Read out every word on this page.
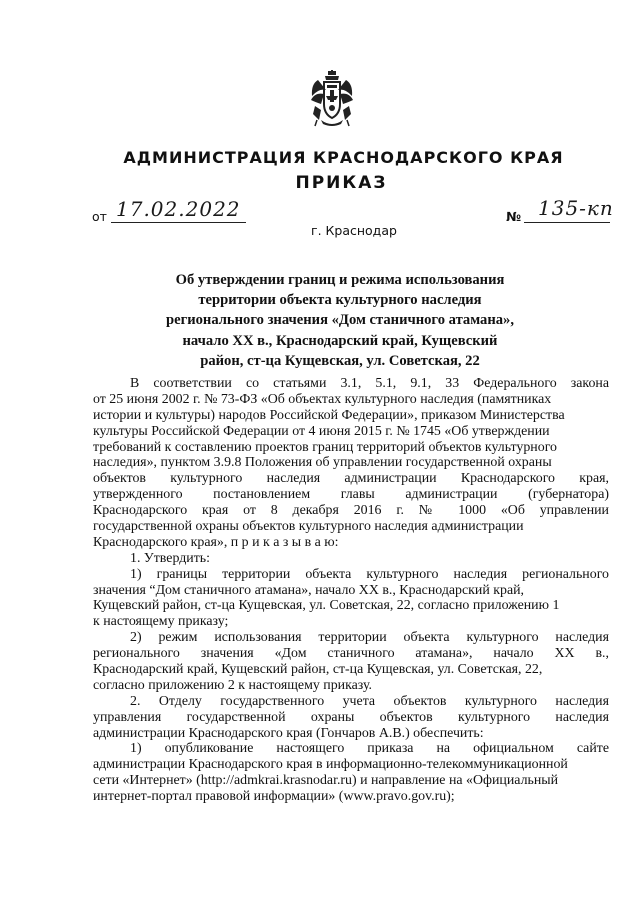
АДМИНИСТРАЦИЯ КРАСНОДАРСКОГО КРАЯ
ПРИКАЗ
от 17.02.2022	№ 135-кп
г. Краснодар
Об утверждении границ и режима использования
территории объекта культурного наследия
регионального значения «Дом станичного атамана»,
начало XX в., Краснодарский край, Кущевский
район, ст-ца Кущевская, ул. Советская, 22
В соответствии со статьями 3.1, 5.1, 9.1, 33 Федерального закона
от 25 июня 2002 г. № 73-ФЗ «Об объектах культурного наследия (памятниках
истории и культуры) народов Российской Федерации», приказом Министерства
культуры Российской Федерации от 4 июня 2015 г. № 1745 «Об утверждении
требований к составлению проектов границ территорий объектов культурного
наследия», пунктом 3.9.8 Положения об управлении государственной охраны
объектов культурного наследия администрации Краснодарского края,
утвержденного постановлением главы администрации (губернатора)
Краснодарского края от 8 декабря 2016 г. № 1000 «Об управлении
государственной охраны объектов культурного наследия администрации
Краснодарского края», п р и к а з ы в а ю:
1. Утвердить:
1) границы территории объекта культурного наследия регионального
значения “Дом станичного атамана», начало XX в., Краснодарский край,
Кущевский район, ст-ца Кущевская, ул. Советская, 22, согласно приложению 1
к настоящему приказу;
2) режим использования территории объекта культурного наследия
регионального значения «Дом станичного атамана», начало XX в.,
Краснодарский край, Кущевский район, ст-ца Кущевская, ул. Советская, 22,
согласно приложению 2 к настоящему приказу.
2. Отделу государственного учета объектов культурного наследия
управления государственной охраны объектов культурного наследия
администрации Краснодарского края (Гончаров А.В.) обеспечить:
1) опубликование настоящего приказа на официальном сайте
администрации Краснодарского края в информационно-телекоммуникационной
сети «Интернет» (http://admkrai.krasnodar.ru) и направление на «Официальный
интернет-портал правовой информации» (www.pravo.gov.ru);
